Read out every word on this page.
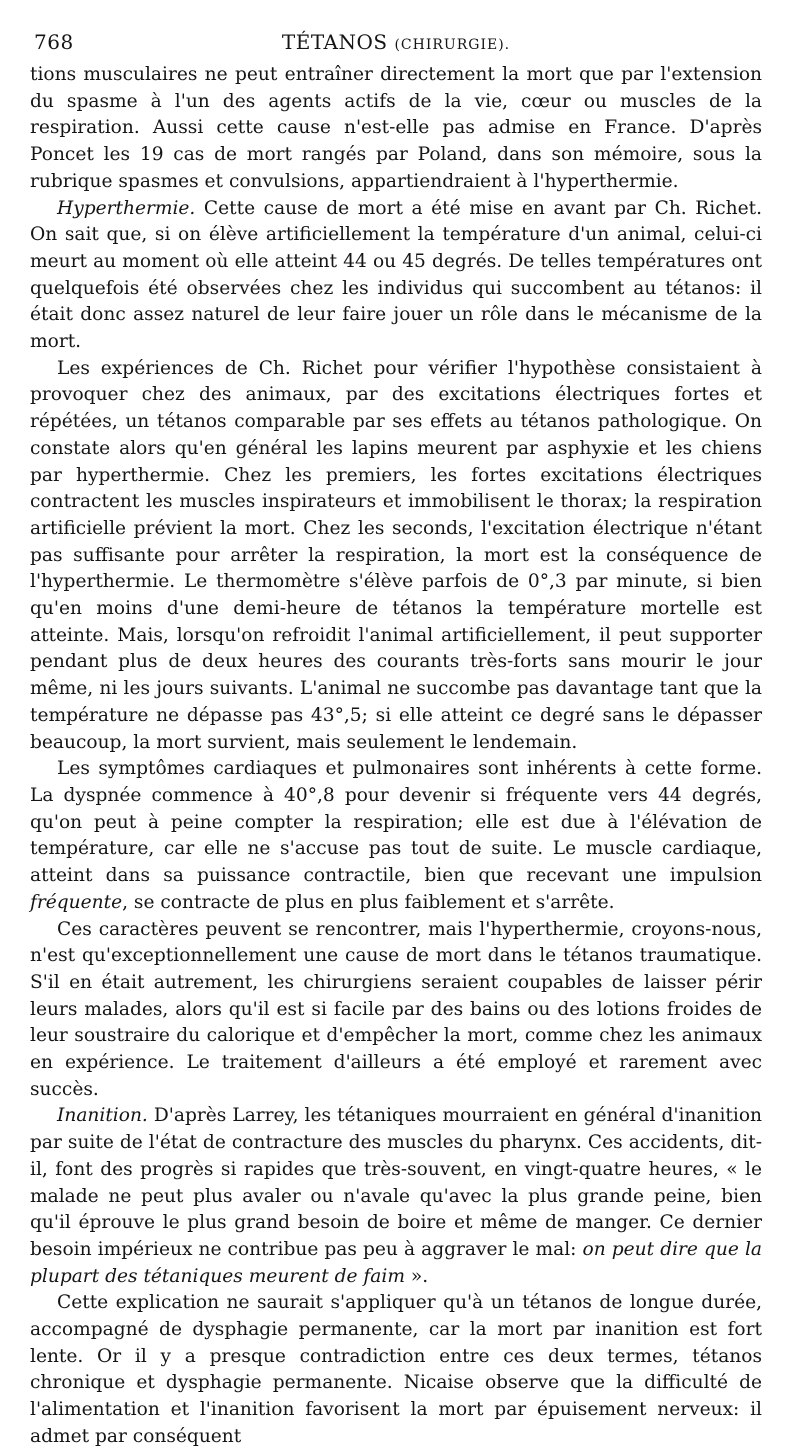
768	TÉTANOS (CHIRURGIE).

tions musculaires ne peut entraîner directement la mort que par l'extension du spasme à l'un des agents actifs de la vie, cœur ou muscles de la respiration. Aussi cette cause n'est-elle pas admise en France. D'après Poncet les 19 cas de mort rangés par Poland, dans son mémoire, sous la rubrique spasmes et convulsions, appartiendraient à l'hyperthermie.

Hyperthermie. Cette cause de mort a été mise en avant par Ch. Richet. On sait que, si on élève artificiellement la température d'un animal, celui-ci meurt au moment où elle atteint 44 ou 45 degrés. De telles températures ont quelquefois été observées chez les individus qui succombent au tétanos: il était donc assez naturel de leur faire jouer un rôle dans le mécanisme de la mort.

Les expériences de Ch. Richet pour vérifier l'hypothèse consistaient à provoquer chez des animaux, par des excitations électriques fortes et répétées, un tétanos comparable par ses effets au tétanos pathologique. On constate alors qu'en général les lapins meurent par asphyxie et les chiens par hyperthermie. Chez les premiers, les fortes excitations électriques contractent les muscles inspirateurs et immobilisent le thorax; la respiration artificielle prévient la mort. Chez les seconds, l'excitation électrique n'étant pas suffisante pour arrêter la respiration, la mort est la conséquence de l'hyperthermie. Le thermomètre s'élève parfois de 0°,3 par minute, si bien qu'en moins d'une demi-heure de tétanos la température mortelle est atteinte. Mais, lorsqu'on refroidit l'animal artificiellement, il peut supporter pendant plus de deux heures des courants très-forts sans mourir le jour même, ni les jours suivants. L'animal ne succombe pas davantage tant que la température ne dépasse pas 43°,5; si elle atteint ce degré sans le dépasser beaucoup, la mort survient, mais seulement le lendemain.

Les symptômes cardiaques et pulmonaires sont inhérents à cette forme. La dyspnée commence à 40°,8 pour devenir si fréquente vers 44 degrés, qu'on peut à peine compter la respiration; elle est due à l'élévation de température, car elle ne s'accuse pas tout de suite. Le muscle cardiaque, atteint dans sa puissance contractile, bien que recevant une impulsion fréquente, se contracte de plus en plus faiblement et s'arrête.

Ces caractères peuvent se rencontrer, mais l'hyperthermie, croyons-nous, n'est qu'exceptionnellement une cause de mort dans le tétanos traumatique. S'il en était autrement, les chirurgiens seraient coupables de laisser périr leurs malades, alors qu'il est si facile par des bains ou des lotions froides de leur soustraire du calorique et d'empêcher la mort, comme chez les animaux en expérience. Le traitement d'ailleurs a été employé et rarement avec succès.

Inanition. D'après Larrey, les tétaniques mourraient en général d'inanition par suite de l'état de contracture des muscles du pharynx. Ces accidents, dit-il, font des progrès si rapides que très-souvent, en vingt-quatre heures, « le malade ne peut plus avaler ou n'avale qu'avec la plus grande peine, bien qu'il éprouve le plus grand besoin de boire et même de manger. Ce dernier besoin impérieux ne contribue pas peu à aggraver le mal: on peut dire que la plupart des tétaniques meurent de faim ».

Cette explication ne saurait s'appliquer qu'à un tétanos de longue durée, accompagné de dysphagie permanente, car la mort par inanition est fort lente. Or il y a presque contradiction entre ces deux termes, tétanos chronique et dysphagie permanente. Nicaise observe que la difficulté de l'alimentation et l'inanition favorisent la mort par épuisement nerveux: il admet par conséquent
